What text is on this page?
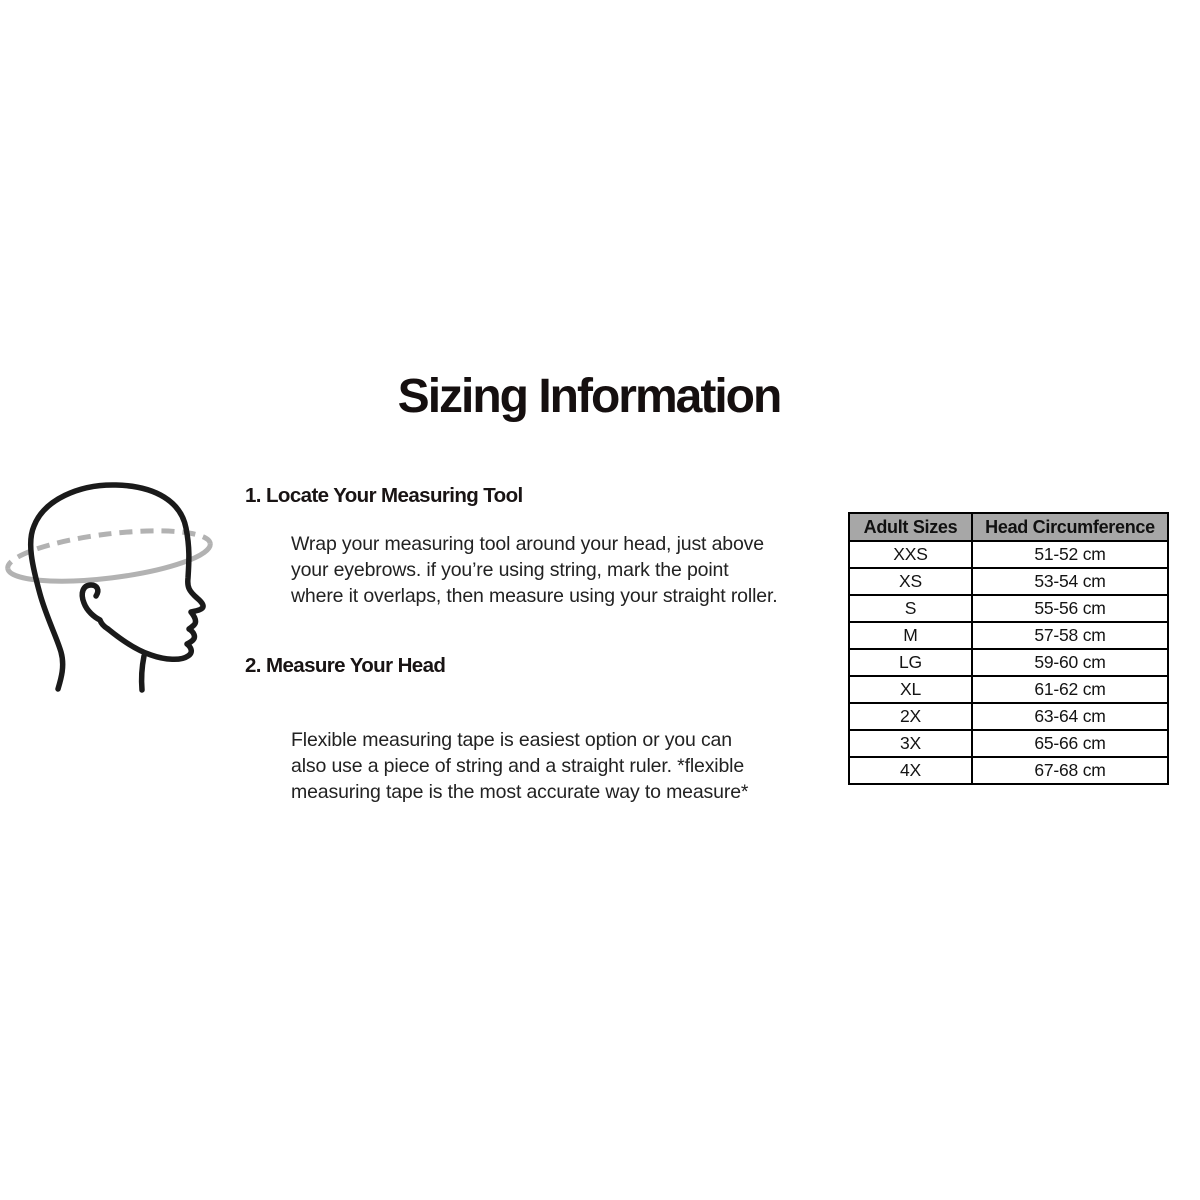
Sizing Information
1. Locate Your Measuring Tool
Wrap your measuring tool around your head, just above
your eyebrows. if you’re using string, mark the point
where it overlaps, then measure using your straight roller.
2. Measure Your Head
Flexible measuring tape is easiest option or you can
also use a piece of string and a straight ruler. *flexible
measuring tape is the most accurate way to measure*
Adult Sizes	Head Circumference
XXS	51-52 cm
XS	53-54 cm
S	55-56 cm
M	57-58 cm
LG	59-60 cm
XL	61-62 cm
2X	63-64 cm
3X	65-66 cm
4X	67-68 cm
